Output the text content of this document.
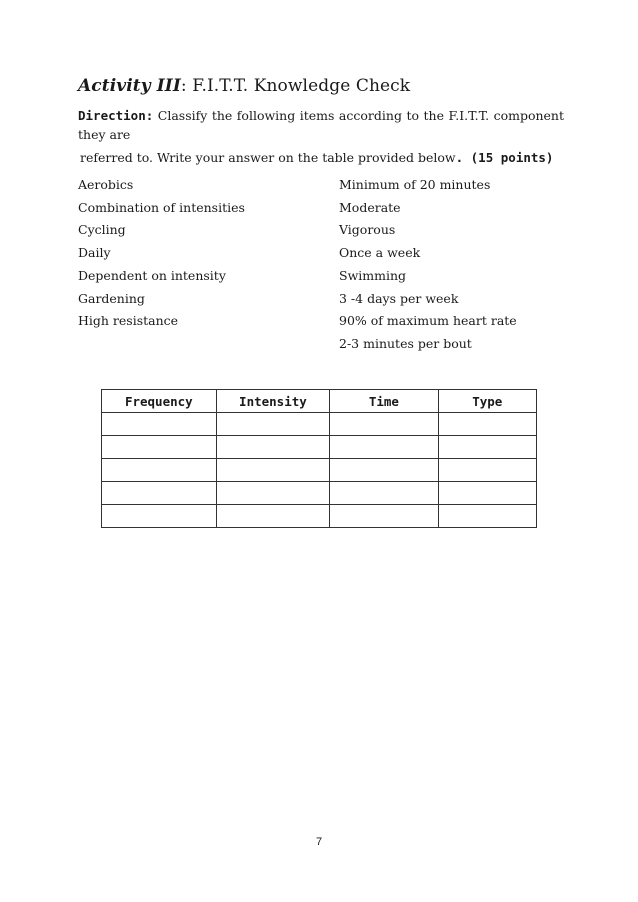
Activity III: F.I.T.T. Knowledge Check
Direction: Classify the following items according to the F.I.T.T. component they are
referred to. Write your answer on the table provided below. (15 points)
Aerobics
Combination of intensities
Cycling
Daily
Dependent on intensity
Gardening
High resistance
Minimum of 20 minutes
Moderate
Vigorous
Once a week
Swimming
3 -4 days per week
90% of maximum heart rate
2-3 minutes per bout
Frequency	Intensity	Time	Type

7
